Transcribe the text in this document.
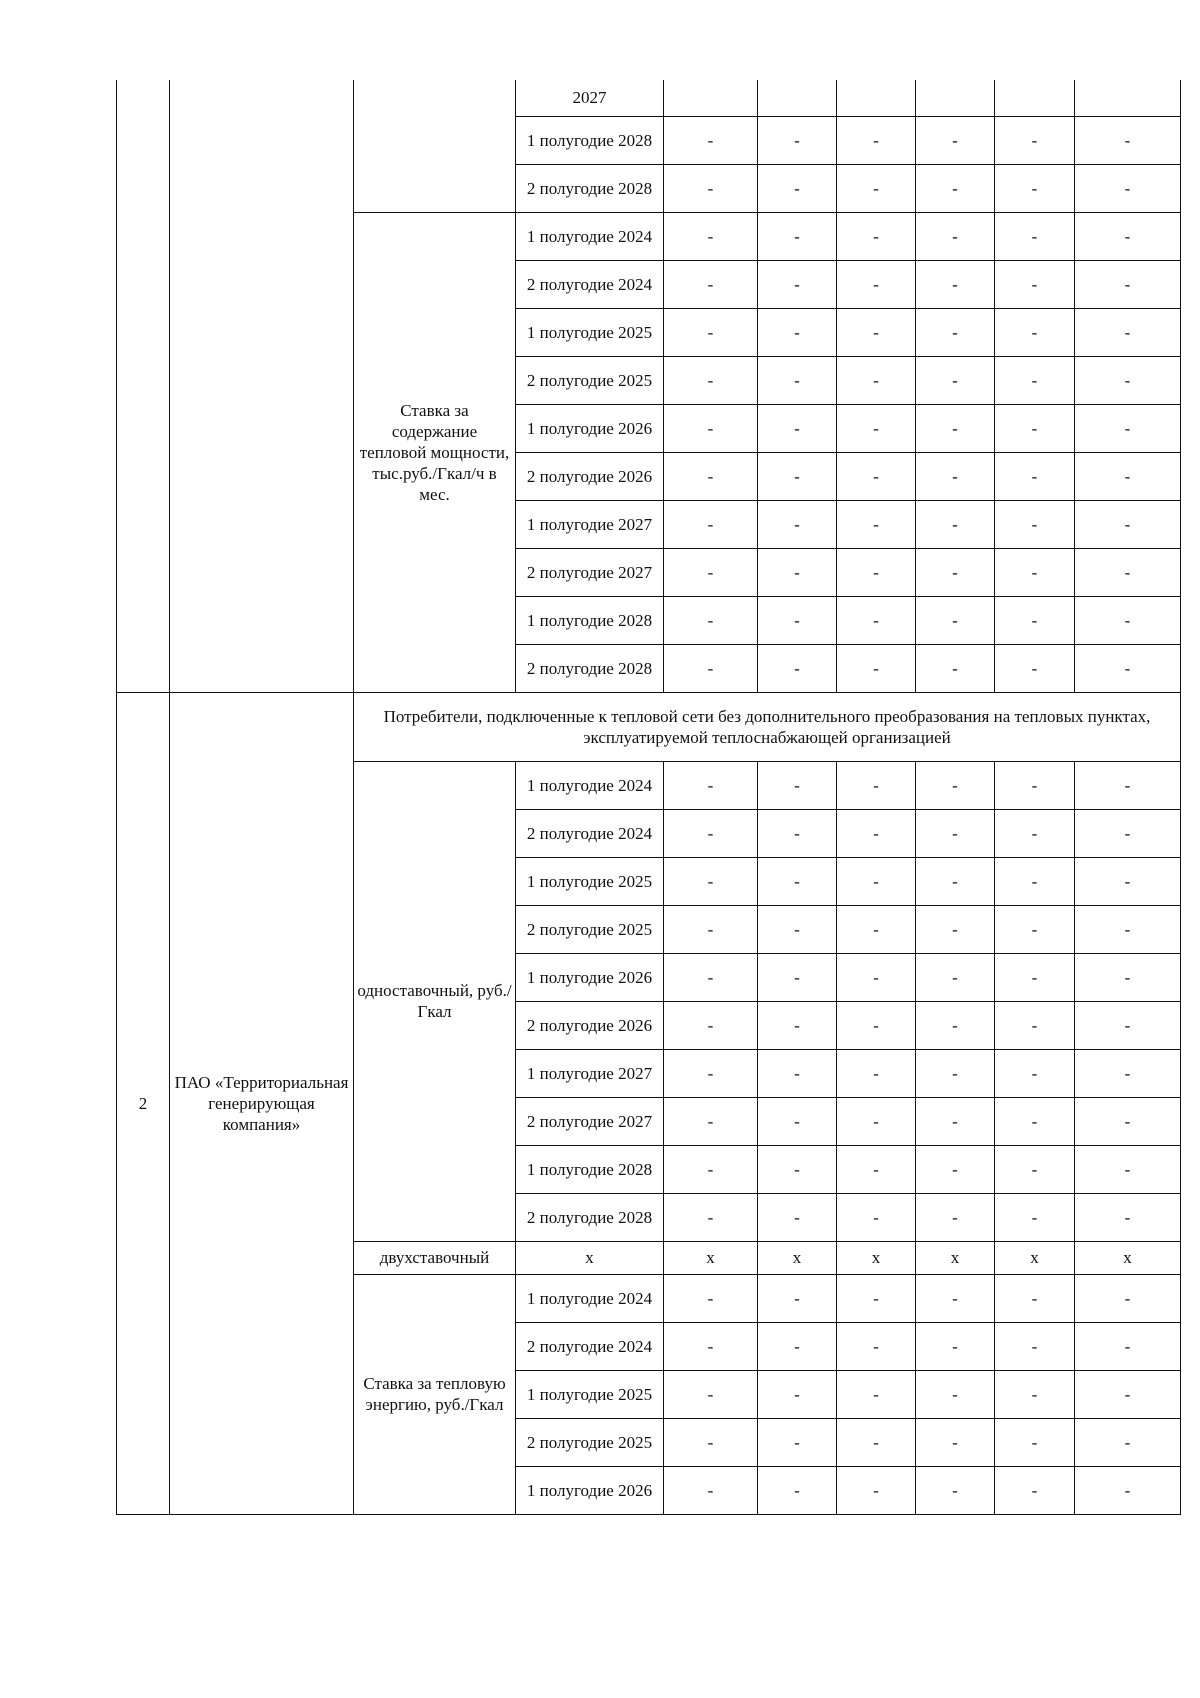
			2027						
			1 полугодие 2028	-	-	-	-	-	-
			2 полугодие 2028	-	-	-	-	-	-
		Ставка за содержание тепловой мощности, тыс.руб./Гкал/ч в мес.	1 полугодие 2024	-	-	-	-	-	-
			2 полугодие 2024	-	-	-	-	-	-
			1 полугодие 2025	-	-	-	-	-	-
			2 полугодие 2025	-	-	-	-	-	-
			1 полугодие 2026	-	-	-	-	-	-
			2 полугодие 2026	-	-	-	-	-	-
			1 полугодие 2027	-	-	-	-	-	-
			2 полугодие 2027	-	-	-	-	-	-
			1 полугодие 2028	-	-	-	-	-	-
			2 полугодие 2028	-	-	-	-	-	-
2	ПАО «Территориальная генерирующая компания»	Потребители, подключенные к тепловой сети без дополнительного преобразования на тепловых пунктах, эксплуатируемой теплоснабжающей организацией							
		одноставочный, руб./Гкал	1 полугодие 2024	-	-	-	-	-	-
			2 полугодие 2024	-	-	-	-	-	-
			1 полугодие 2025	-	-	-	-	-	-
			2 полугодие 2025	-	-	-	-	-	-
			1 полугодие 2026	-	-	-	-	-	-
			2 полугодие 2026	-	-	-	-	-	-
			1 полугодие 2027	-	-	-	-	-	-
			2 полугодие 2027	-	-	-	-	-	-
			1 полугодие 2028	-	-	-	-	-	-
			2 полугодие 2028	-	-	-	-	-	-
		двухставочный	x	x	x	x	x	x	x
		Ставка за тепловую энергию, руб./Гкал	1 полугодие 2024	-	-	-	-	-	-
			2 полугодие 2024	-	-	-	-	-	-
			1 полугодие 2025	-	-	-	-	-	-
			2 полугодие 2025	-	-	-	-	-	-
			1 полугодие 2026	-	-	-	-	-	-
